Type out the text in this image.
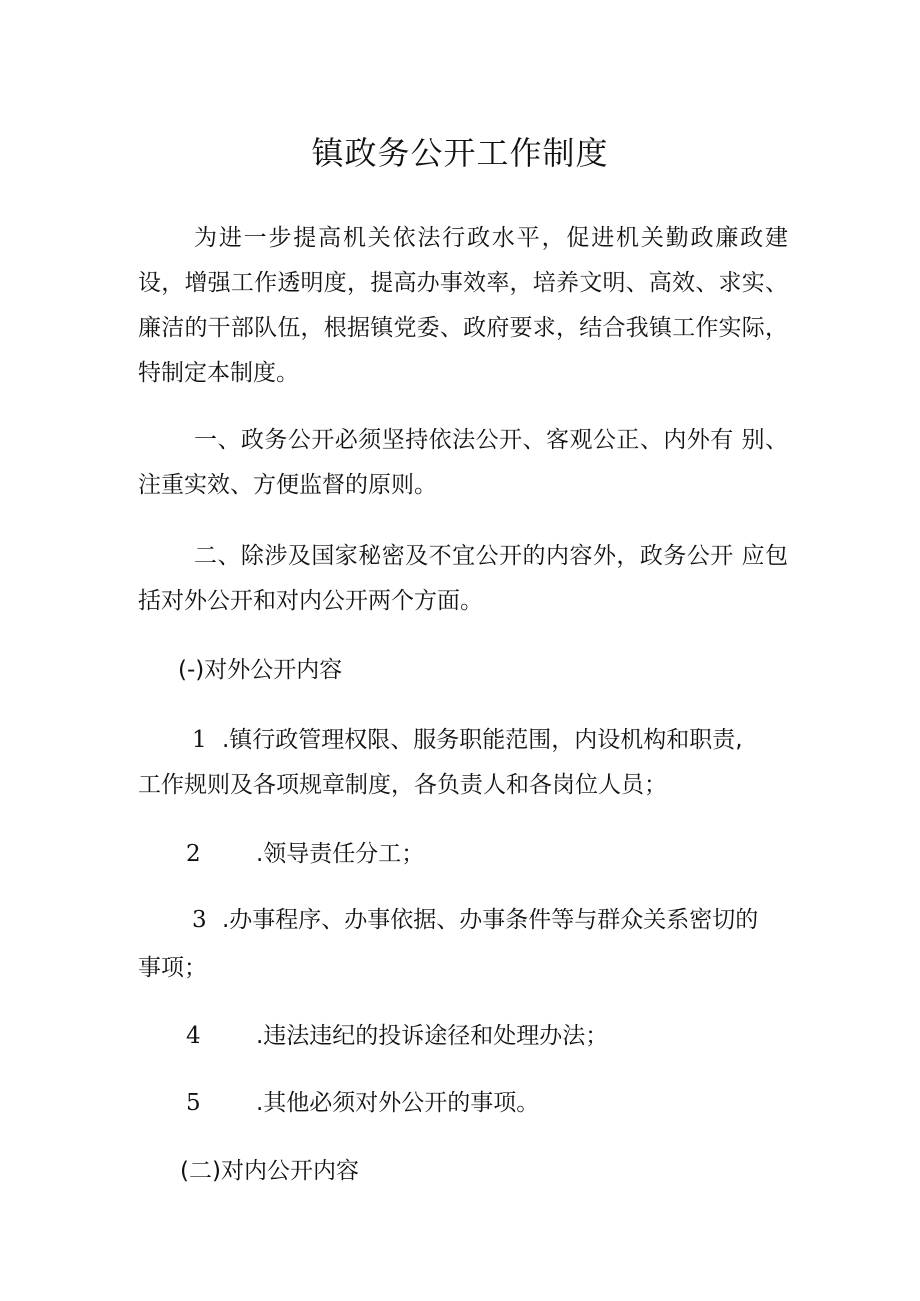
镇政务公开工作制度

为进一步提高机关依法行政水平，促进机关勤政廉政建设，增强工作透明度，提高办事效率，培养文明、高效、求实、廉洁的干部队伍，根据镇党委、政府要求，结合我镇工作实际，特制定本制度。

一、政务公开必须坚持依法公开、客观公正、内外有 别、注重实效、方便监督的原则。

二、除涉及国家秘密及不宜公开的内容外，政务公开 应包括对外公开和对内公开两个方面。

(-)对外公开内容

1 .镇行政管理权限、服务职能范围，内设机构和职责,

工作规则及各项规章制度，各负责人和各岗位人员；

2 .领导责任分工；

3 .办事程序、办事依据、办事条件等与群众关系密切的

事项；

4 .违法违纪的投诉途径和处理办法；

5 .其他必须对外公开的事项。

(二)对内公开内容
